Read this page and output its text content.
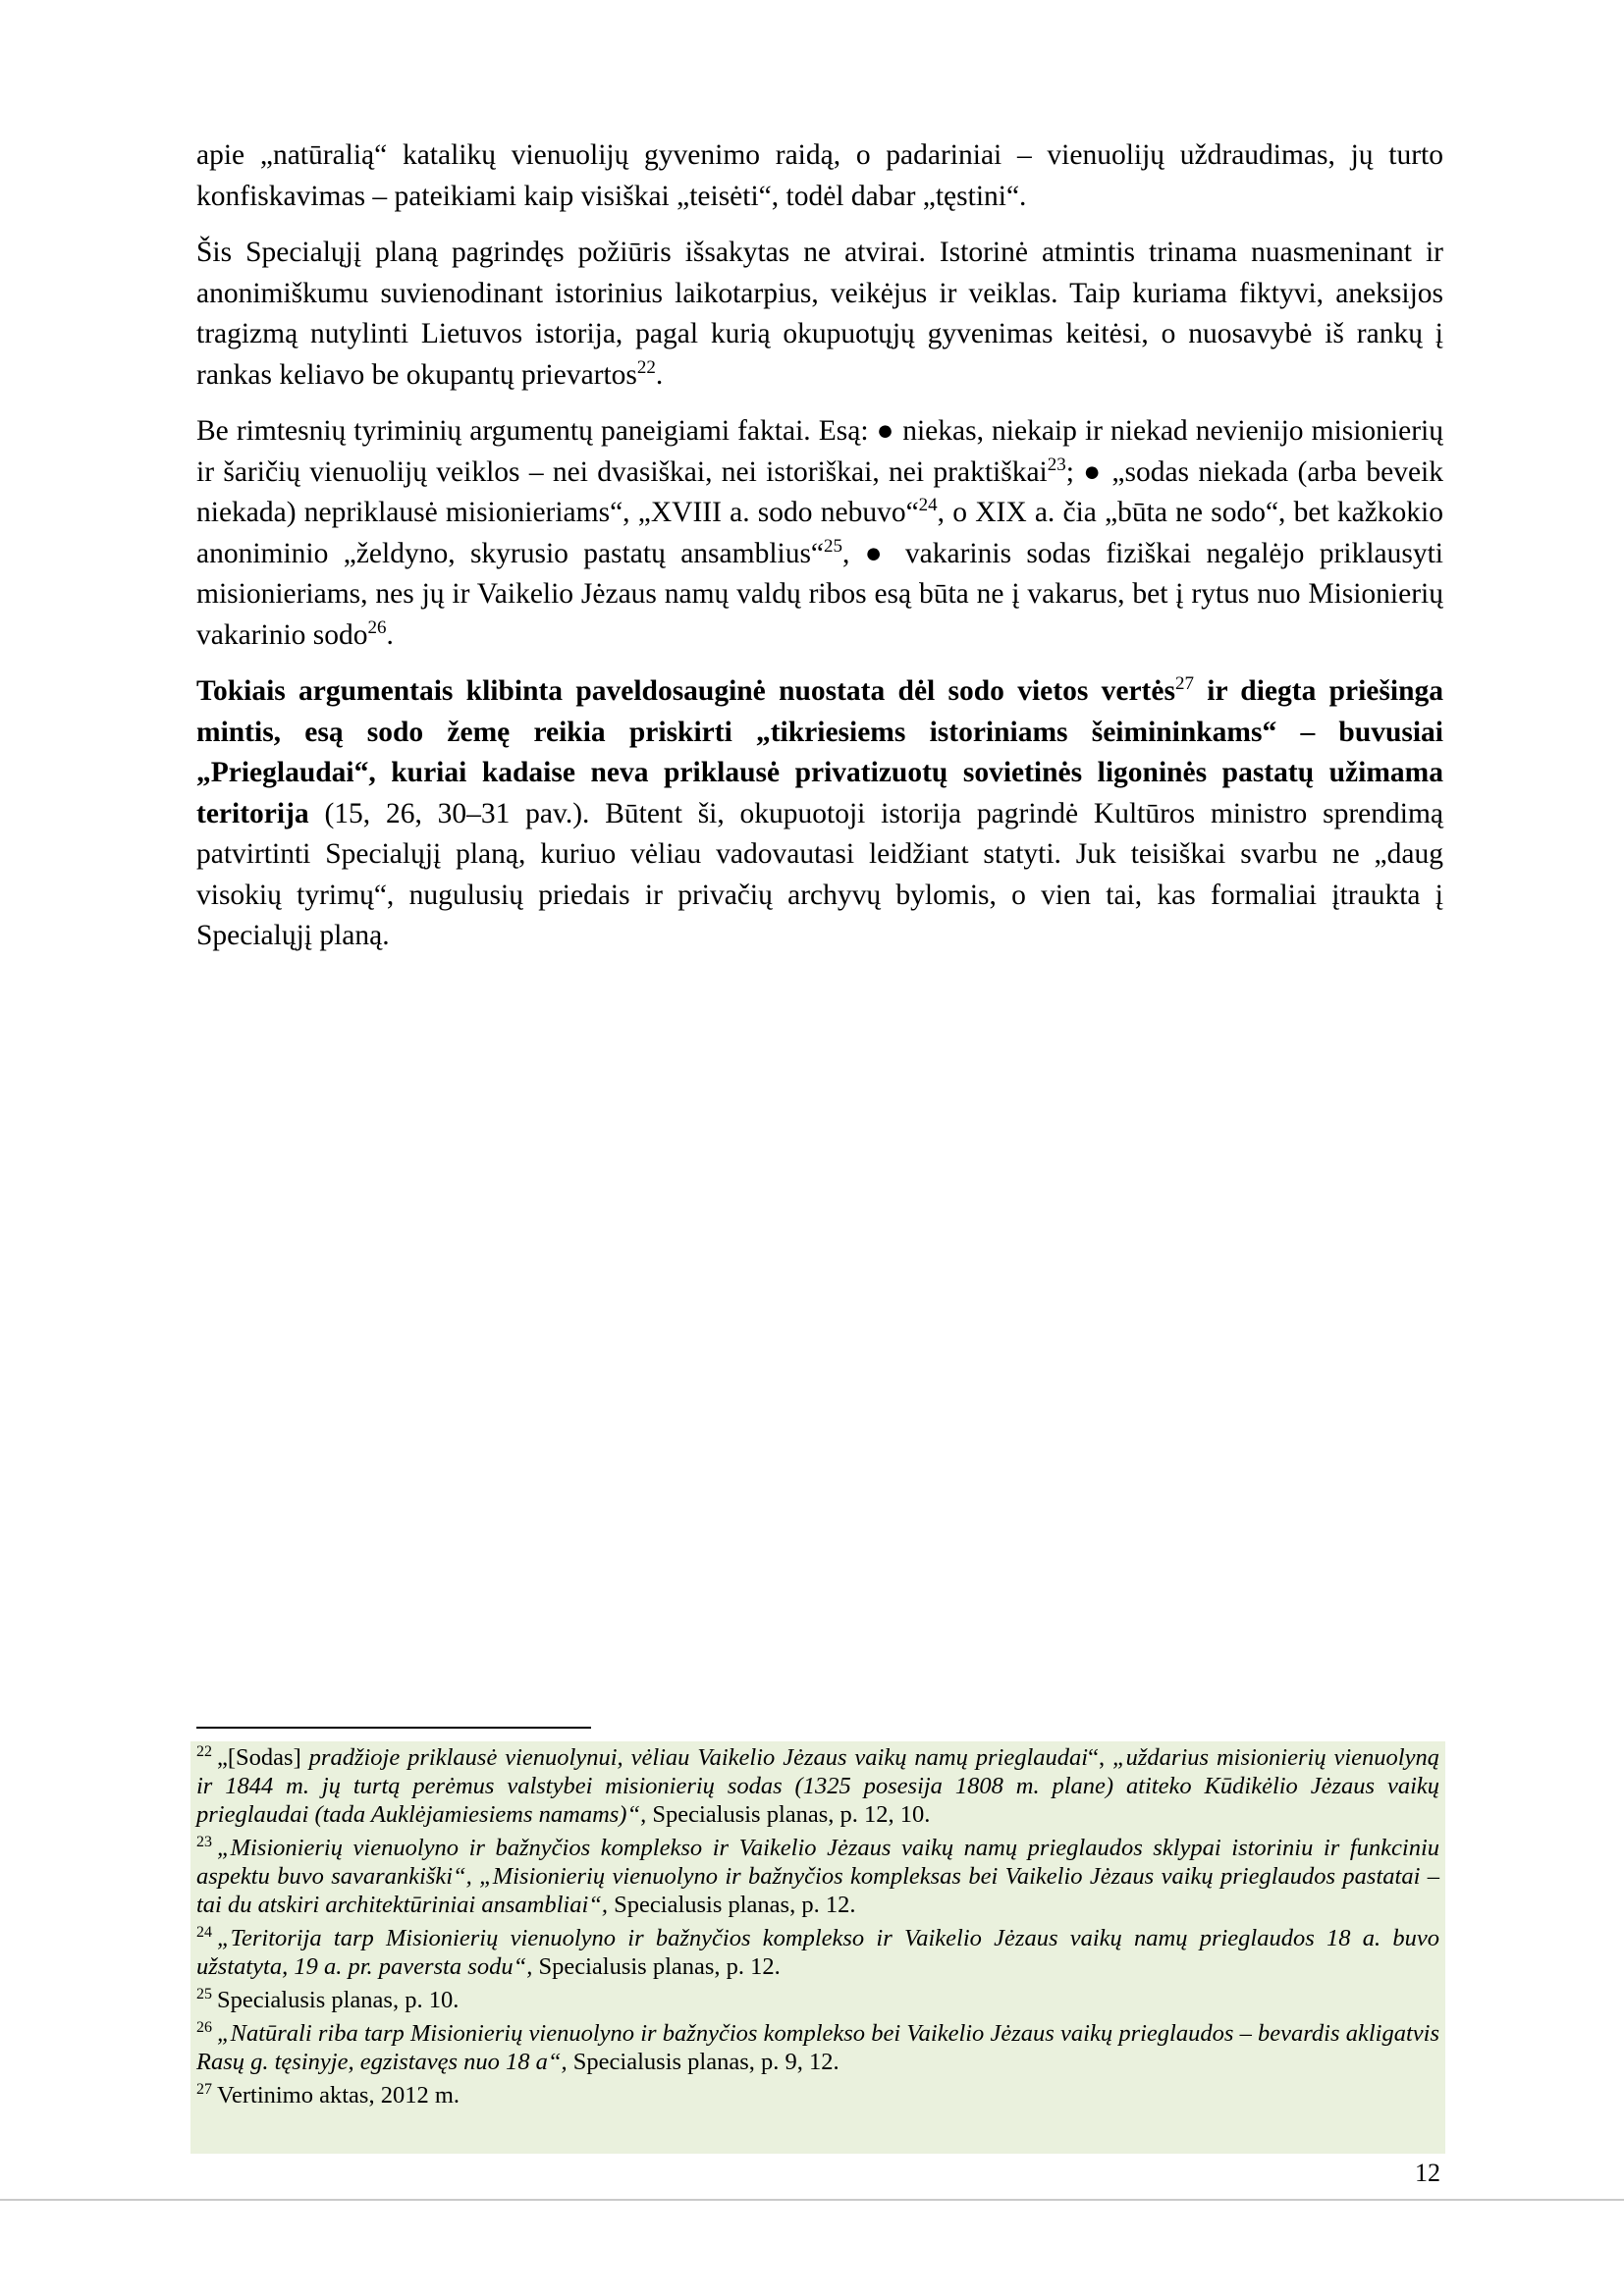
apie „natūralią“ katalikų vienuolijų gyvenimo raidą, o padariniai – vienuolijų uždraudimas, jų turto konfiskavimas – pateikiami kaip visiškai „teisėti“, todėl dabar „tęstini“.

Šis Specialųjį planą pagrindęs požiūris išsakytas ne atvirai. Istorinė atmintis trinama nuasmeninant ir anonimiškumu suvienodinant istorinius laikotarpius, veikėjus ir veiklas. Taip kuriama fiktyvi, aneksijos tragizmą nutylinti Lietuvos istorija, pagal kurią okupuotųjų gyvenimas keitėsi, o nuosavybė iš rankų į rankas keliavo be okupantų prievartos$^{22}$.

Be rimtesnių tyriminių argumentų paneigiami faktai. Esą: ● niekas, niekaip ir niekad nevienijo misionierių ir šaričių vienuolijų veiklos – nei dvasiškai, nei istoriškai, nei praktiškai$^{23}$; ● „sodas niekada (arba beveik niekada) nepriklausė misionieriams“, „XVIII a. sodo nebuvo“$^{24}$, o XIX a. čia „būta ne sodo“, bet kažkokio anoniminio „želdyno, skyrusio pastatų ansamblius“$^{25}$, ● vakarinis sodas fiziškai negalėjo priklausyti misionieriams, nes jų ir Vaikelio Jėzaus namų valdų ribos esą būta ne į vakarus, bet į rytus nuo Misionierių vakarinio sodo$^{26}$.

Tokiais argumentais klibinta paveldosauginė nuostata dėl sodo vietos vertės$^{27}$ ir diegta priešinga mintis, esą sodo žemę reikia priskirti „tikriesiems istoriniams šeimininkams“ – buvusiai „Prieglaudai“, kuriai kadaise neva priklausė privatizuotų sovietinės ligoninės pastatų užimama teritorija (15, 26, 30–31 pav.). Būtent ši, okupuotoji istorija pagrindė Kultūros ministro sprendimą patvirtinti Specialųjį planą, kuriuo vėliau vadovautasi leidžiant statyti. Juk teisiškai svarbu ne „daug visokių tyrimų“, nugulusių priedais ir privačių archyvų bylomis, o vien tai, kas formaliai įtraukta į Specialųjį planą.

$^{22}$ „[Sodas] pradžioje priklausė vienuolynui, vėliau Vaikelio Jėzaus vaikų namų prieglaudai“, „uždarius misionierių vienuolyną ir 1844 m. jų turtą perėmus valstybei misionierių sodas (1325 posesija 1808 m. plane) atiteko Kūdikėlio Jėzaus vaikų prieglaudai (tada Auklėjamiesiems namams)“, Specialusis planas, p. 12, 10.
$^{23}$ „Misionierių vienuolyno ir bažnyčios komplekso ir Vaikelio Jėzaus vaikų namų prieglaudos sklypai istoriniu ir funkciniu aspektu buvo savarankiški“, „Misionierių vienuolyno ir bažnyčios kompleksas bei Vaikelio Jėzaus vaikų prieglaudos pastatai – tai du atskiri architektūriniai ansambliai“, Specialusis planas, p. 12.
$^{24}$ „Teritorija tarp Misionierių vienuolyno ir bažnyčios komplekso ir Vaikelio Jėzaus vaikų namų prieglaudos 18 a. buvo užstatyta, 19 a. pr. paversta sodu“, Specialusis planas, p. 12.
$^{25}$ Specialusis planas, p. 10.
$^{26}$ „Natūrali riba tarp Misionierių vienuolyno ir bažnyčios komplekso bei Vaikelio Jėzaus vaikų prieglaudos – bevardis akligatvis Rasų g. tęsinyje, egzistavęs nuo 18 a“, Specialusis planas, p. 9, 12.
$^{27}$ Vertinimo aktas, 2012 m.
12
